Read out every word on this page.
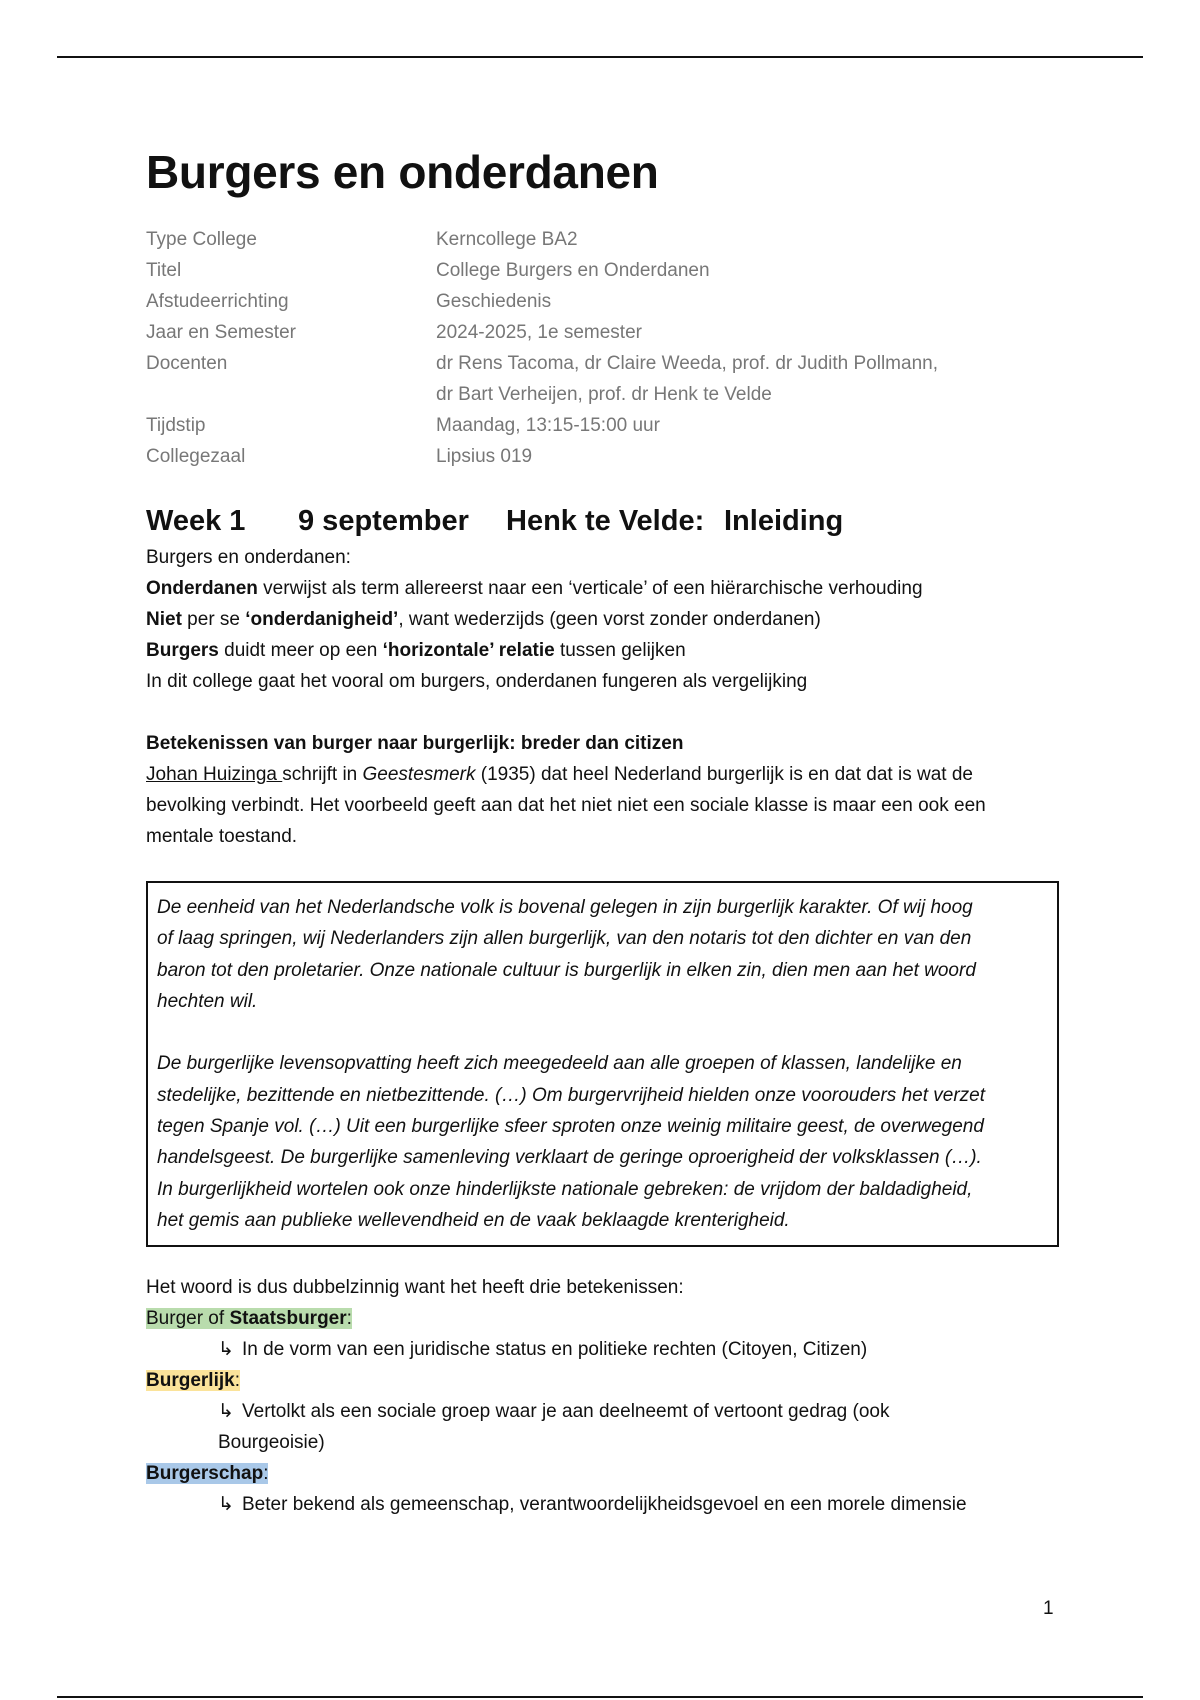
Burgers en onderdanen
Type College	Kerncollege BA2
Titel	College Burgers en Onderdanen
Afstudeerrichting	Geschiedenis
Jaar en Semester	2024-2025, 1e semester
Docenten	dr Rens Tacoma, dr Claire Weeda, prof. dr Judith Pollmann,
dr Bart Verheijen, prof. dr Henk te Velde
Tijdstip	Maandag, 13:15-15:00 uur
Collegezaal	Lipsius 019
Week 1	9 september	Henk te Velde: Inleiding
Burgers en onderdanen:
Onderdanen verwijst als term allereerst naar een ‘verticale’ of een hiërarchische verhouding
Niet per se ‘onderdanigheid’, want wederzijds (geen vorst zonder onderdanen)
Burgers duidt meer op een ‘horizontale’ relatie tussen gelijken
In dit college gaat het vooral om burgers, onderdanen fungeren als vergelijking
Betekenissen van burger naar burgerlijk: breder dan citizen
Johan Huizinga schrijft in Geestesmerk (1935) dat heel Nederland burgerlijk is en dat dat is wat de
bevolking verbindt. Het voorbeeld geeft aan dat het niet niet een sociale klasse is maar een ook een
mentale toestand.
De eenheid van het Nederlandsche volk is bovenal gelegen in zijn burgerlijk karakter. Of wij hoog
of laag springen, wij Nederlanders zijn allen burgerlijk, van den notaris tot den dichter en van den
baron tot den proletarier. Onze nationale cultuur is burgerlijk in elken zin, dien men aan het woord
hechten wil.
De burgerlijke levensopvatting heeft zich meegedeeld aan alle groepen of klassen, landelijke en
stedelijke, bezittende en nietbezittende. (…) Om burgervrijheid hielden onze voorouders het verzet
tegen Spanje vol. (…) Uit een burgerlijke sfeer sproten onze weinig militaire geest, de overwegend
handelsgeest. De burgerlijke samenleving verklaart de geringe oproerigheid der volksklassen (…).
In burgerlijkheid wortelen ook onze hinderlijkste nationale gebreken: de vrijdom der baldadigheid,
het gemis aan publieke wellevendheid en de vaak beklaagde krenterigheid.
Het woord is dus dubbelzinnig want het heeft drie betekenissen:
Burger of Staatsburger:
↳ In de vorm van een juridische status en politieke rechten (Citoyen, Citizen)
Burgerlijk:
↳ Vertolkt als een sociale groep waar je aan deelneemt of vertoont gedrag (ook
Bourgeoisie)
Burgerschap:
↳ Beter bekend als gemeenschap, verantwoordelijkheidsgevoel en een morele dimensie
1
